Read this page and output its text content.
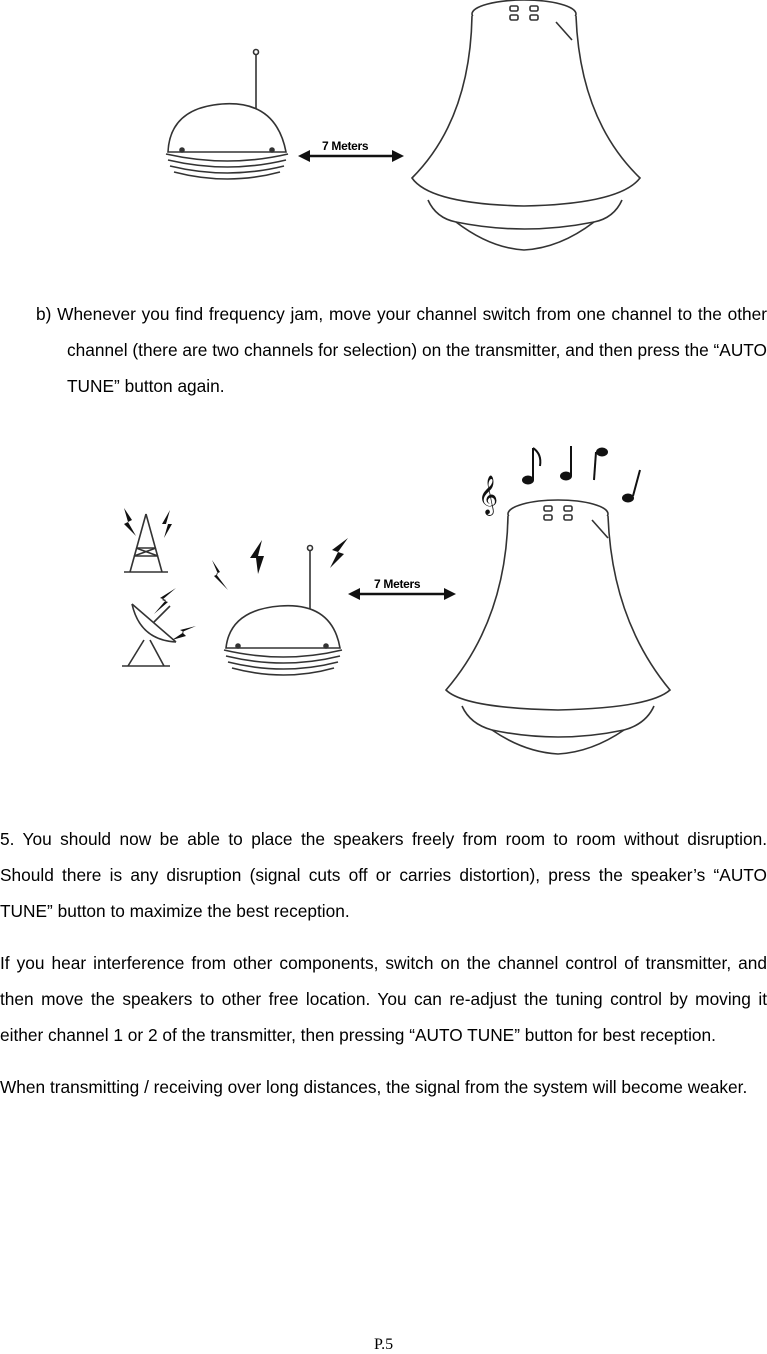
7 Meters

b) Whenever you find frequency jam, move your channel switch from one channel to the other channel (there are two channels for selection) on the transmitter, and then press the “AUTO TUNE” button again.

𝄞
7 Meters

5. You should now be able to place the speakers freely from room to room without disruption. Should there is any disruption (signal cuts off or carries distortion), press the speaker’s “AUTO TUNE” button to maximize the best reception.

If you hear interference from other components, switch on the channel control of transmitter, and then move the speakers to other free location. You can re-adjust the tuning control by moving it either channel 1 or 2 of the transmitter, then pressing “AUTO TUNE” button for best reception.

When transmitting / receiving over long distances, the signal from the system will become weaker.

P.5
